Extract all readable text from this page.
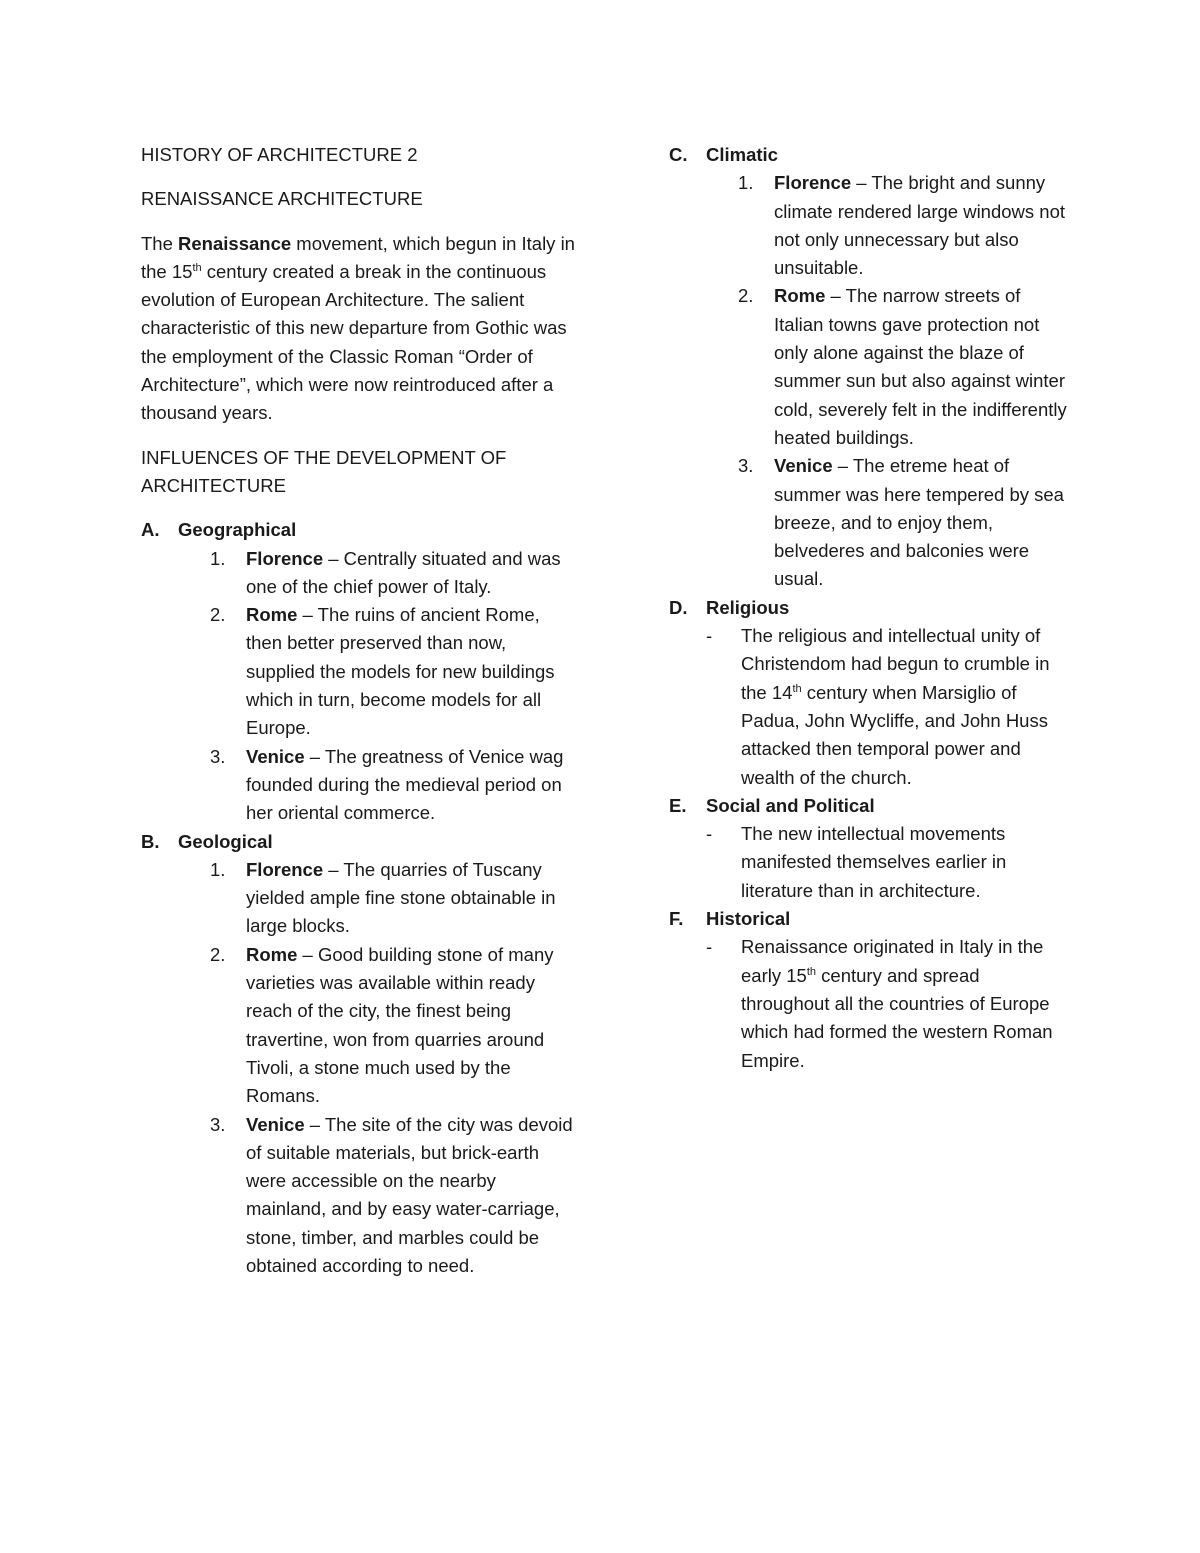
HISTORY OF ARCHITECTURE 2

RENAISSANCE ARCHITECTURE

The Renaissance movement, which begun in Italy in the 15th century created a break in the continuous evolution of European Architecture. The salient characteristic of this new departure from Gothic was the employment of the Classic Roman “Order of Architecture”, which were now reintroduced after a thousand years.

INFLUENCES OF THE DEVELOPMENT OF ARCHITECTURE

A.	Geographical

1.	Florence – Centrally situated and was one of the chief power of Italy.

2.	Rome – The ruins of ancient Rome, then better preserved than now, supplied the models for new buildings which in turn, become models for all Europe.

3.	Venice – The greatness of Venice wag founded during the medieval period on her oriental commerce.

B.	Geological

1.	Florence – The quarries of Tuscany yielded ample fine stone obtainable in large blocks.

2.	Rome – Good building stone of many varieties was available within ready reach of the city, the finest being travertine, won from quarries around Tivoli, a stone much used by the Romans.

3.	Venice – The site of the city was devoid of suitable materials, but brick-earth were accessible on the nearby mainland, and by easy water-carriage, stone, timber, and marbles could be obtained according to need.

C.	Climatic

1.	Florence – The bright and sunny climate rendered large windows not not only unnecessary but also unsuitable.

2.	Rome – The narrow streets of Italian towns gave protection not only alone against the blaze of summer sun but also against winter cold, severely felt in the indifferently heated buildings.

3.	Venice – The etreme heat of summer was here tempered by sea breeze, and to enjoy them, belvederes and balconies were usual.

D.	Religious

- The religious and intellectual unity of Christendom had begun to crumble in the 14th century when Marsiglio of Padua, John Wycliffe, and John Huss attacked then temporal power and wealth of the church.

E.	Social and Political

- The new intellectual movements manifested themselves earlier in literature than in architecture.

F.	Historical

- Renaissance originated in Italy in the early 15th century and spread throughout all the countries of Europe which had formed the western Roman Empire.
